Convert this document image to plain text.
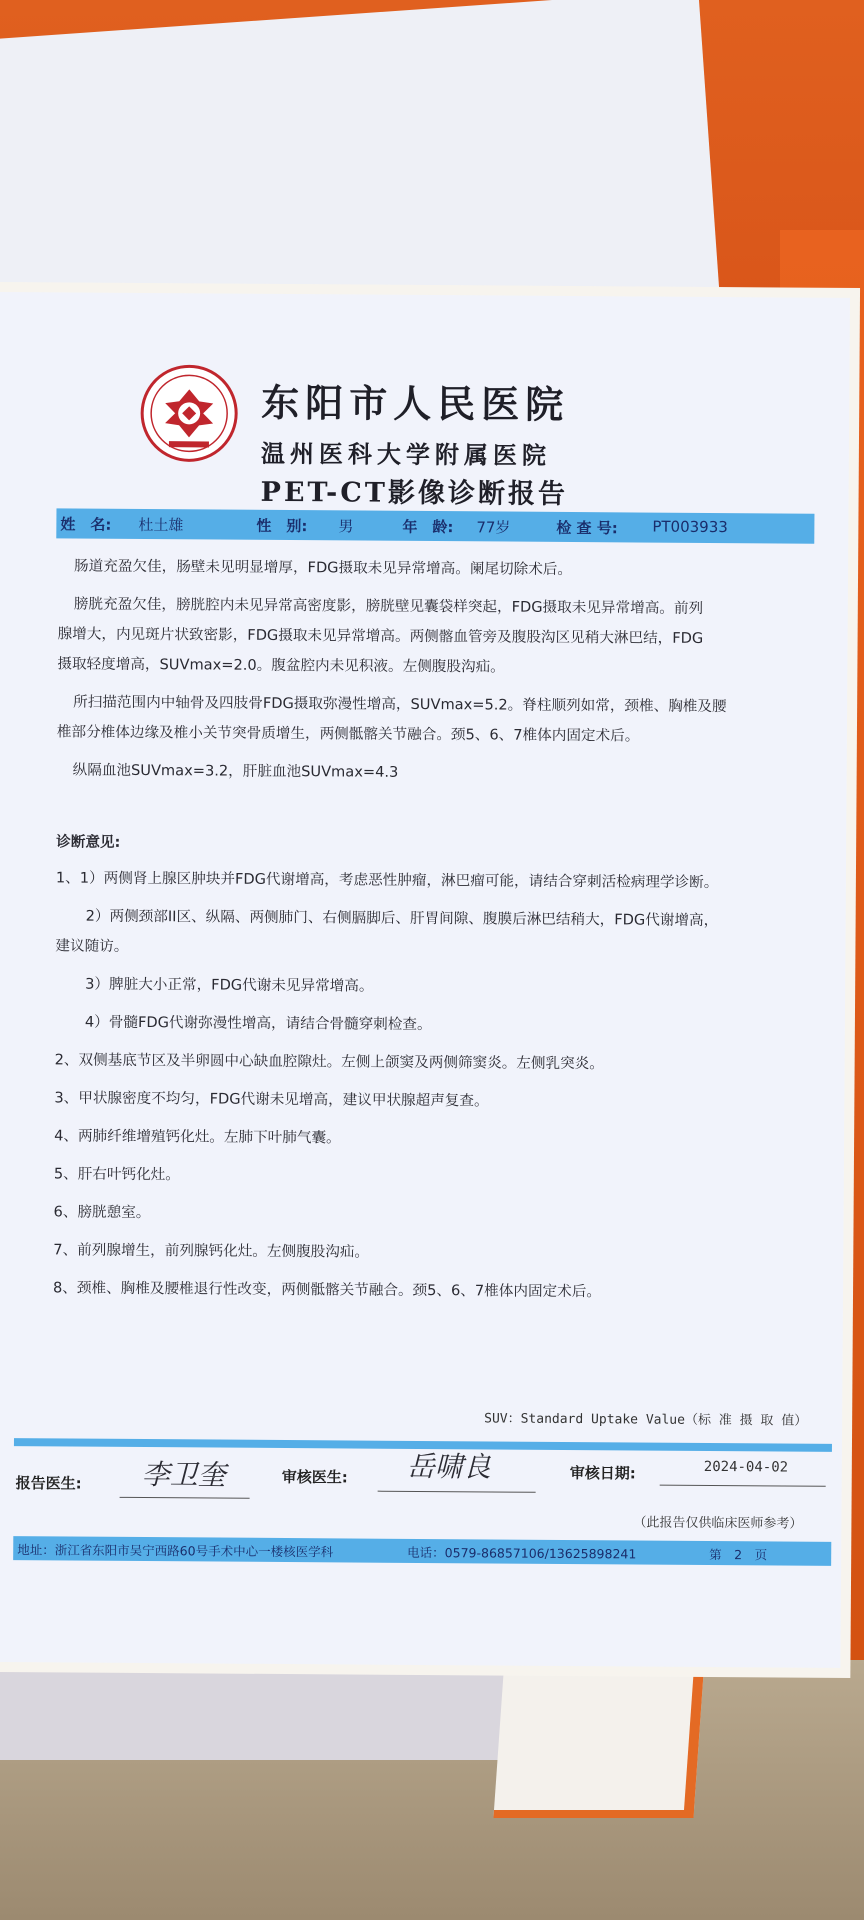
东阳市人民医院
温州医科大学附属医院
PET-CT影像诊断报告
姓　名: 杜土雄	性　别: 男	年　龄: 77岁	检 查 号: PT003933
肠道充盈欠佳，肠壁未见明显增厚，FDG摄取未见异常增高。阑尾切除术后。
膀胱充盈欠佳，膀胱腔内未见异常高密度影，膀胱壁见囊袋样突起，FDG摄取未见异常增高。前列
腺增大，内见斑片状致密影，FDG摄取未见异常增高。两侧髂血管旁及腹股沟区见稍大淋巴结，FDG
摄取轻度增高，SUVmax=2.0。腹盆腔内未见积液。左侧腹股沟疝。
所扫描范围内中轴骨及四肢骨FDG摄取弥漫性增高，SUVmax=5.2。脊柱顺列如常，颈椎、胸椎及腰
椎部分椎体边缘及椎小关节突骨质增生，两侧骶髂关节融合。颈5、6、7椎体内固定术后。
纵隔血池SUVmax=3.2，肝脏血池SUVmax=4.3
诊断意见:
1、1）两侧肾上腺区肿块并FDG代谢增高，考虑恶性肿瘤，淋巴瘤可能，请结合穿刺活检病理学诊断。
2）两侧颈部II区、纵隔、两侧肺门、右侧膈脚后、肝胃间隙、腹膜后淋巴结稍大，FDG代谢增高，
建议随访。
3）脾脏大小正常，FDG代谢未见异常增高。
4）骨髓FDG代谢弥漫性增高，请结合骨髓穿刺检查。
2、双侧基底节区及半卵圆中心缺血腔隙灶。左侧上颌窦及两侧筛窦炎。左侧乳突炎。
3、甲状腺密度不均匀，FDG代谢未见增高，建议甲状腺超声复查。
4、两肺纤维增殖钙化灶。左肺下叶肺气囊。
5、肝右叶钙化灶。
6、膀胱憩室。
7、前列腺增生，前列腺钙化灶。左侧腹股沟疝。
8、颈椎、胸椎及腰椎退行性改变，两侧骶髂关节融合。颈5、6、7椎体内固定术后。
SUV：Standard Uptake Value（标 准 摄 取 值）
报告医生: 李卫奎	审核医生: 岳啸良	审核日期:	2024-04-02
（此报告仅供临床医师参考）
地址：浙江省东阳市吴宁西路60号手术中心一楼核医学科	电话：0579-86857106/13625898241	第　2　页
